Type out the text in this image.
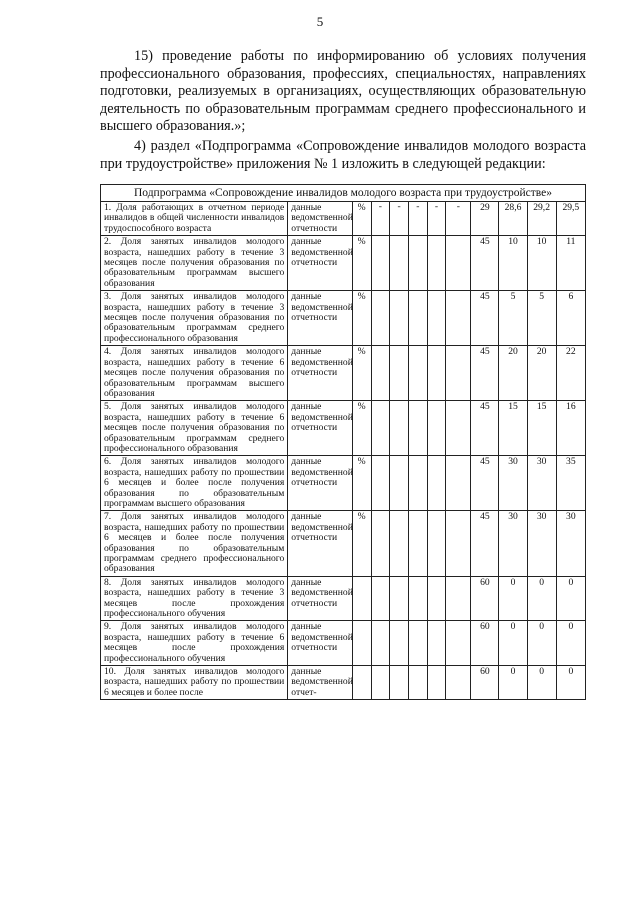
5

15) проведение работы по информированию об условиях получения профессионального образования, профессиях, специальностях, направлениях подготовки, реализуемых в организациях, осуществляющих образовательную деятельность по образовательным программам среднего профессионального и высшего образования.»;

4) раздел «Подпрограмма «Сопровождение инвалидов молодого возраста при трудоустройстве» приложения № 1 изложить в следующей редакции:

Подпрограмма «Сопровождение инвалидов молодого возраста при трудоустройстве»											
1. Доля работающих в отчетном периоде инвалидов в общей численности инвалидов трудоспособного возраста	данные ведомственной отчетности	%	-	-	-	-	-	29	28,6	29,2	29,5
2. Доля занятых инвалидов молодого возраста, нашедших работу в течение 3 месяцев после получения образования по образовательным программам высшего образования	данные ведомственной отчетности	%						45	10	10	11
3. Доля занятых инвалидов молодого возраста, нашедших работу в течение 3 месяцев после получения образования по образовательным программам среднего профессионального образования	данные ведомственной отчетности	%						45	5	5	6
4. Доля занятых инвалидов молодого возраста, нашедших работу в течение 6 месяцев после получения образования по образовательным программам высшего образования	данные ведомственной отчетности	%						45	20	20	22
5. Доля занятых инвалидов молодого возраста, нашедших работу в течение 6 месяцев после получения образования по образовательным программам среднего профессионального образования	данные ведомственной отчетности	%						45	15	15	16
6. Доля занятых инвалидов молодого возраста, нашедших работу по прошествии 6 месяцев и более после получения образования по образовательным программам высшего образования	данные ведомственной отчетности	%						45	30	30	35
7. Доля занятых инвалидов молодого возраста, нашедших работу по прошествии 6 месяцев и более после получения образования по образовательным программам среднего профессионального образования	данные ведомственной отчетности	%						45	30	30	30
8. Доля занятых инвалидов молодого возраста, нашедших работу в течение 3 месяцев после прохождения профессионального обучения	данные ведомственной отчетности							60	0	0	0
9. Доля занятых инвалидов молодого возраста, нашедших работу в течение 6 месяцев после прохождения профессионального обучения	данные ведомственной отчетности							60	0	0	0
10. Доля занятых инвалидов молодого возраста, нашедших работу по прошествии 6 месяцев и более после	данные ведомственной отчет-							60	0	0	0
